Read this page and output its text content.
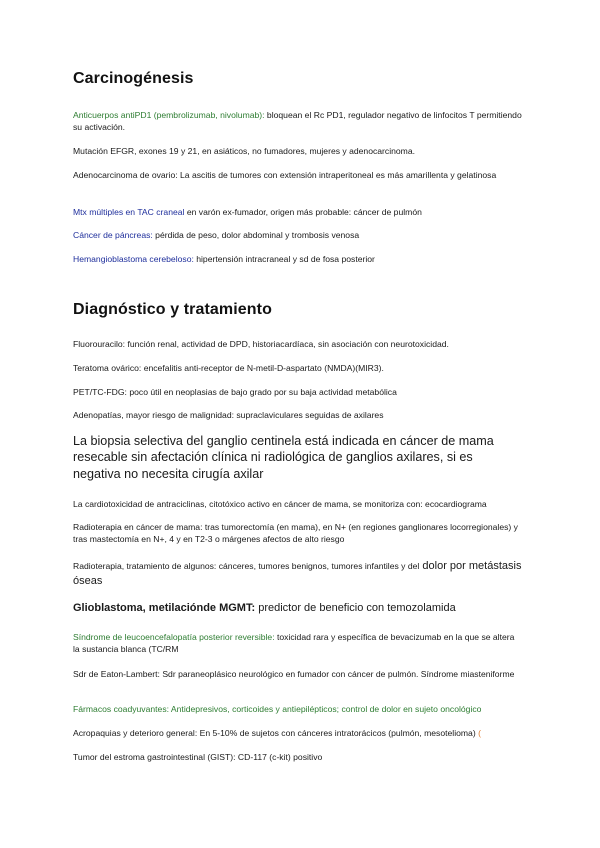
Carcinogénesis

Anticuerpos antiPD1 (pembrolizumab, nivolumab): bloquean el Rc PD1, regulador negativo de linfocitos T permitiendo su activación.

Mutación EFGR, exones 19 y 21, en asiáticos, no fumadores, mujeres y adenocarcinoma.

Adenocarcinoma de ovario: La ascitis de tumores con extensión intraperitoneal es más amarillenta y gelatinosa

Mtx múltiples en TAC craneal en varón ex-fumador, origen más probable: cáncer de pulmón

Cáncer de páncreas: pérdida de peso, dolor abdominal y trombosis venosa

Hemangioblastoma cerebeloso: hipertensión intracraneal y sd de fosa posterior

Diagnóstico y tratamiento

Fluorouracilo: función renal, actividad de DPD, historiacardíaca, sin asociación con neurotoxicidad.

Teratoma ovárico: encefalitis anti-receptor de N-metil-D-aspartato (NMDA)(MIR3).

PET/TC-FDG: poco útil en neoplasias de bajo grado por su baja actividad metabólica

Adenopatías, mayor riesgo de malignidad: supraclaviculares seguidas de axilares

La biopsia selectiva del ganglio centinela está indicada en cáncer de mama resecable sin afectación clínica ni radiológica de ganglios axilares, si es negativa no necesita cirugía axilar

La cardiotoxicidad de antraciclinas, citotóxico activo en cáncer de mama, se monitoriza con: ecocardiograma

Radioterapia en cáncer de mama: tras tumorectomía (en mama), en N+ (en regiones ganglionares locorregionales) y tras mastectomía en N+, 4 y en T2-3 o márgenes afectos de alto riesgo

Radioterapia, tratamiento de algunos: cánceres, tumores benignos, tumores infantiles y del dolor por metástasis óseas

Glioblastoma, metilaciónde MGMT: predictor de beneficio con temozolamida

Síndrome de leucoencefalopatía posterior reversible: toxicidad rara y específica de bevacizumab en la que se altera la sustancia blanca (TC/RM

Sdr de Eaton-Lambert: Sdr paraneoplásico neurológico en fumador con cáncer de pulmón. Síndrome miasteniforme

Fármacos coadyuvantes: Antidepresivos, corticoides y antiepilépticos; control de dolor en sujeto oncológico

Acropaquias y deterioro general: En 5-10% de sujetos con cánceres intratorácicos (pulmón, mesotelioma) (

Tumor del estroma gastrointestinal (GIST): CD-117 (c-kit) positivo
